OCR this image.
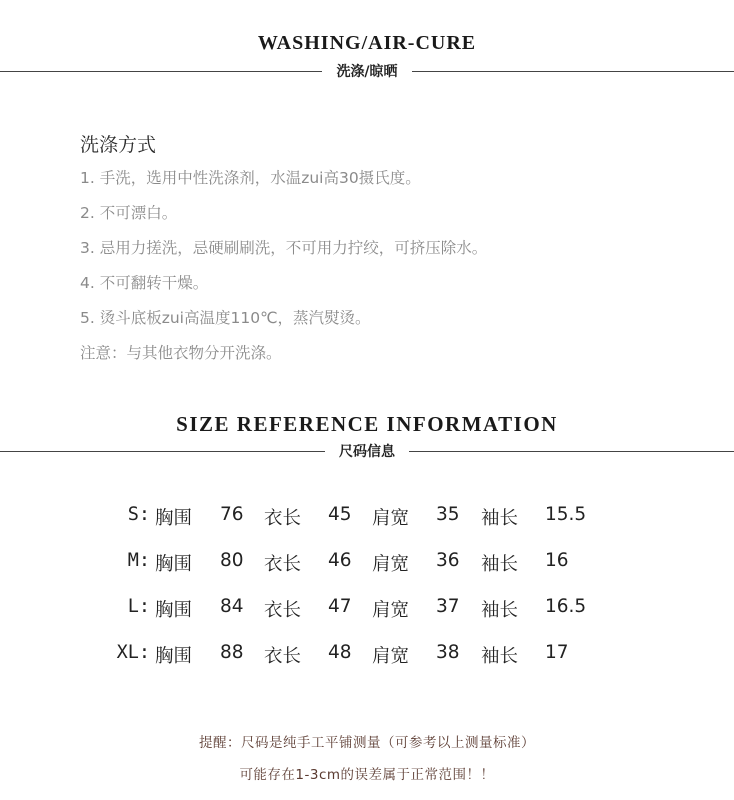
WASHING/AIR-CURE
洗涤/晾晒
洗涤方式
1. 手洗，选用中性洗涤剂，水温zui高30摄氏度。
2. 不可漂白。
3. 忌用力搓洗，忌硬刷刷洗，不可用力拧绞，可挤压除水。
4. 不可翻转干燥。
5. 烫斗底板zui高温度110℃，蒸汽熨烫。
注意：与其他衣物分开洗涤。
SIZE REFERENCE INFORMATION
尺码信息
S: 胸围 76 衣长 45 肩宽 35 袖长 15.5
M: 胸围 80 衣长 46 肩宽 36 袖长 16
L: 胸围 84 衣长 47 肩宽 37 袖长 16.5
XL: 胸围 88 衣长 48 肩宽 38 袖长 17
提醒：尺码是纯手工平铺测量（可参考以上测量标准）
可能存在1-3cm的误差属于正常范围！！
